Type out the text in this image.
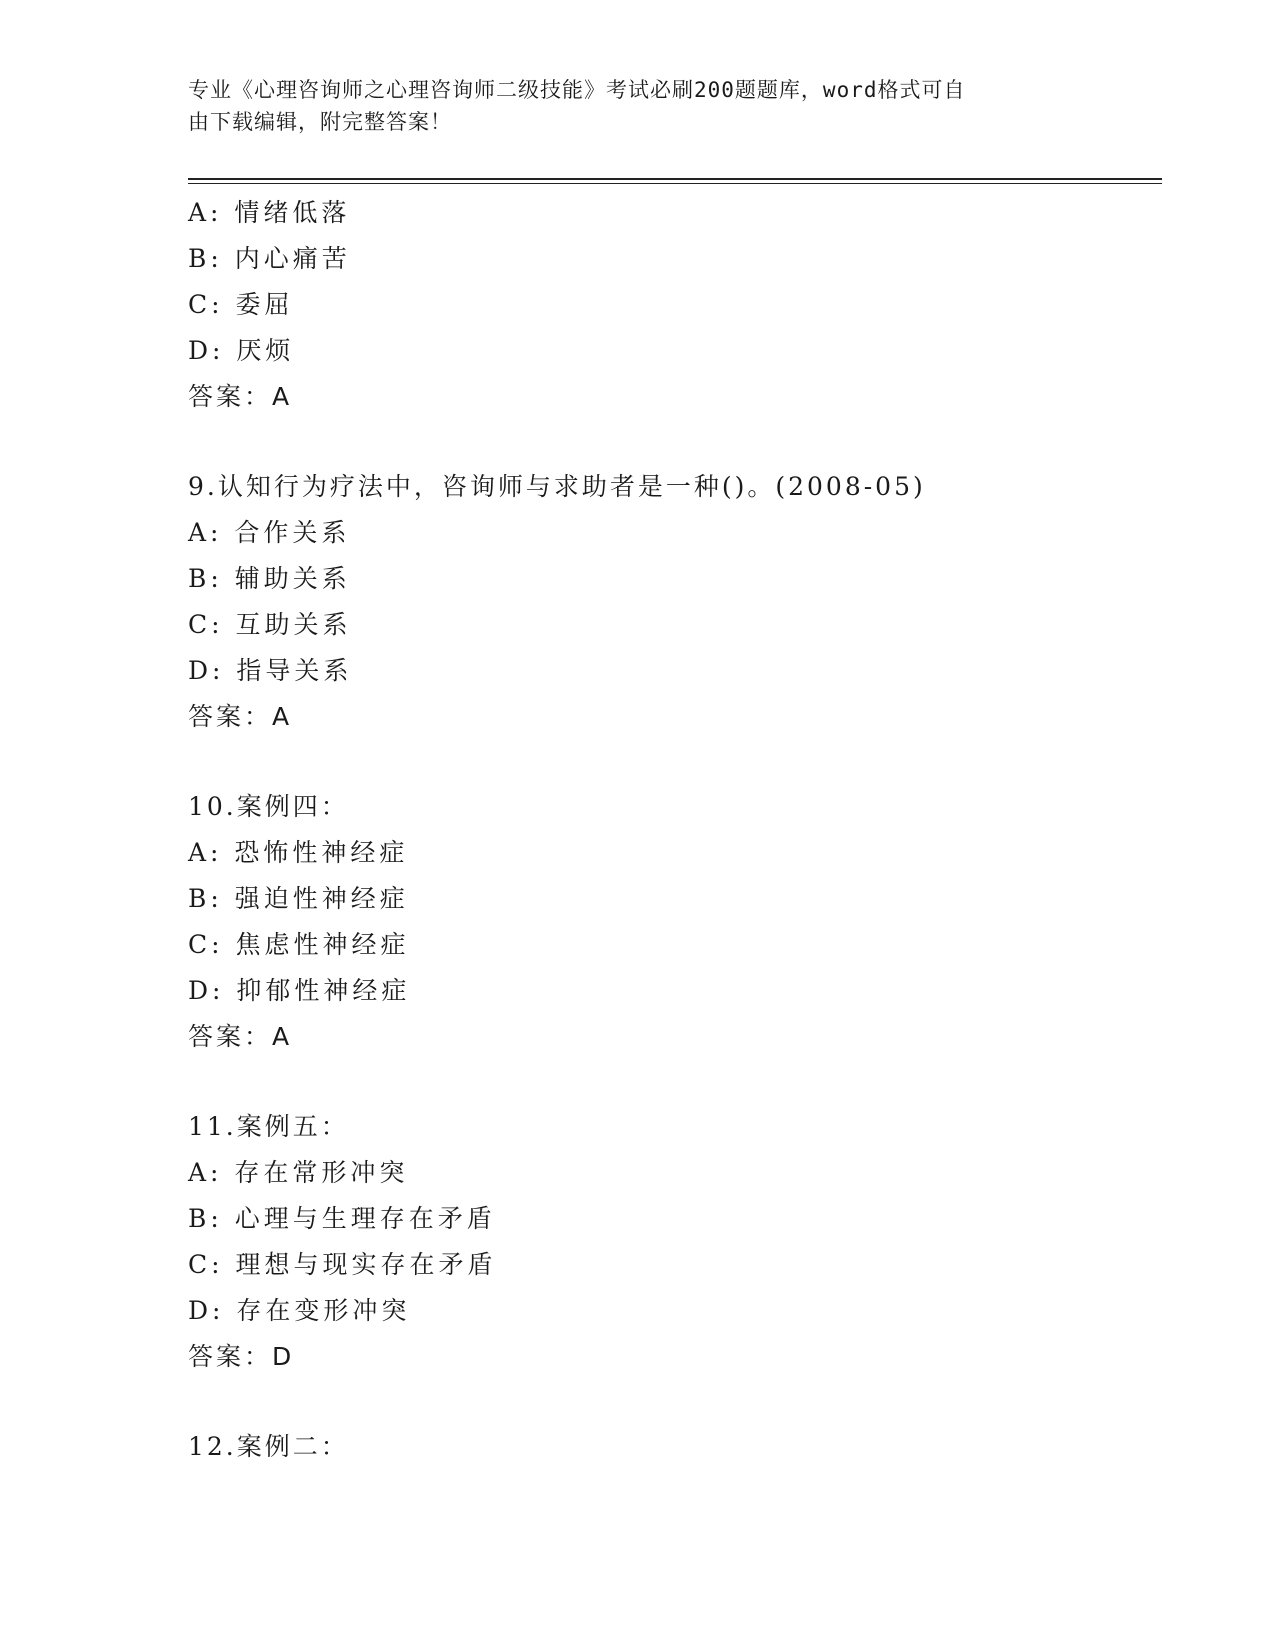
专业《心理咨询师之心理咨询师二级技能》考试必刷200题题库，word格式可自
由下载编辑，附完整答案！
A: 情绪低落
B: 内心痛苦
C: 委屈
D: 厌烦
答案：A
9.认知行为疗法中，咨询师与求助者是一种()。(2008-05)
A: 合作关系
B: 辅助关系
C: 互助关系
D: 指导关系
答案：A
10.案例四：
A: 恐怖性神经症
B: 强迫性神经症
C: 焦虑性神经症
D: 抑郁性神经症
答案：A
11.案例五：
A: 存在常形冲突
B: 心理与生理存在矛盾
C: 理想与现实存在矛盾
D: 存在变形冲突
答案：D
12.案例二：
